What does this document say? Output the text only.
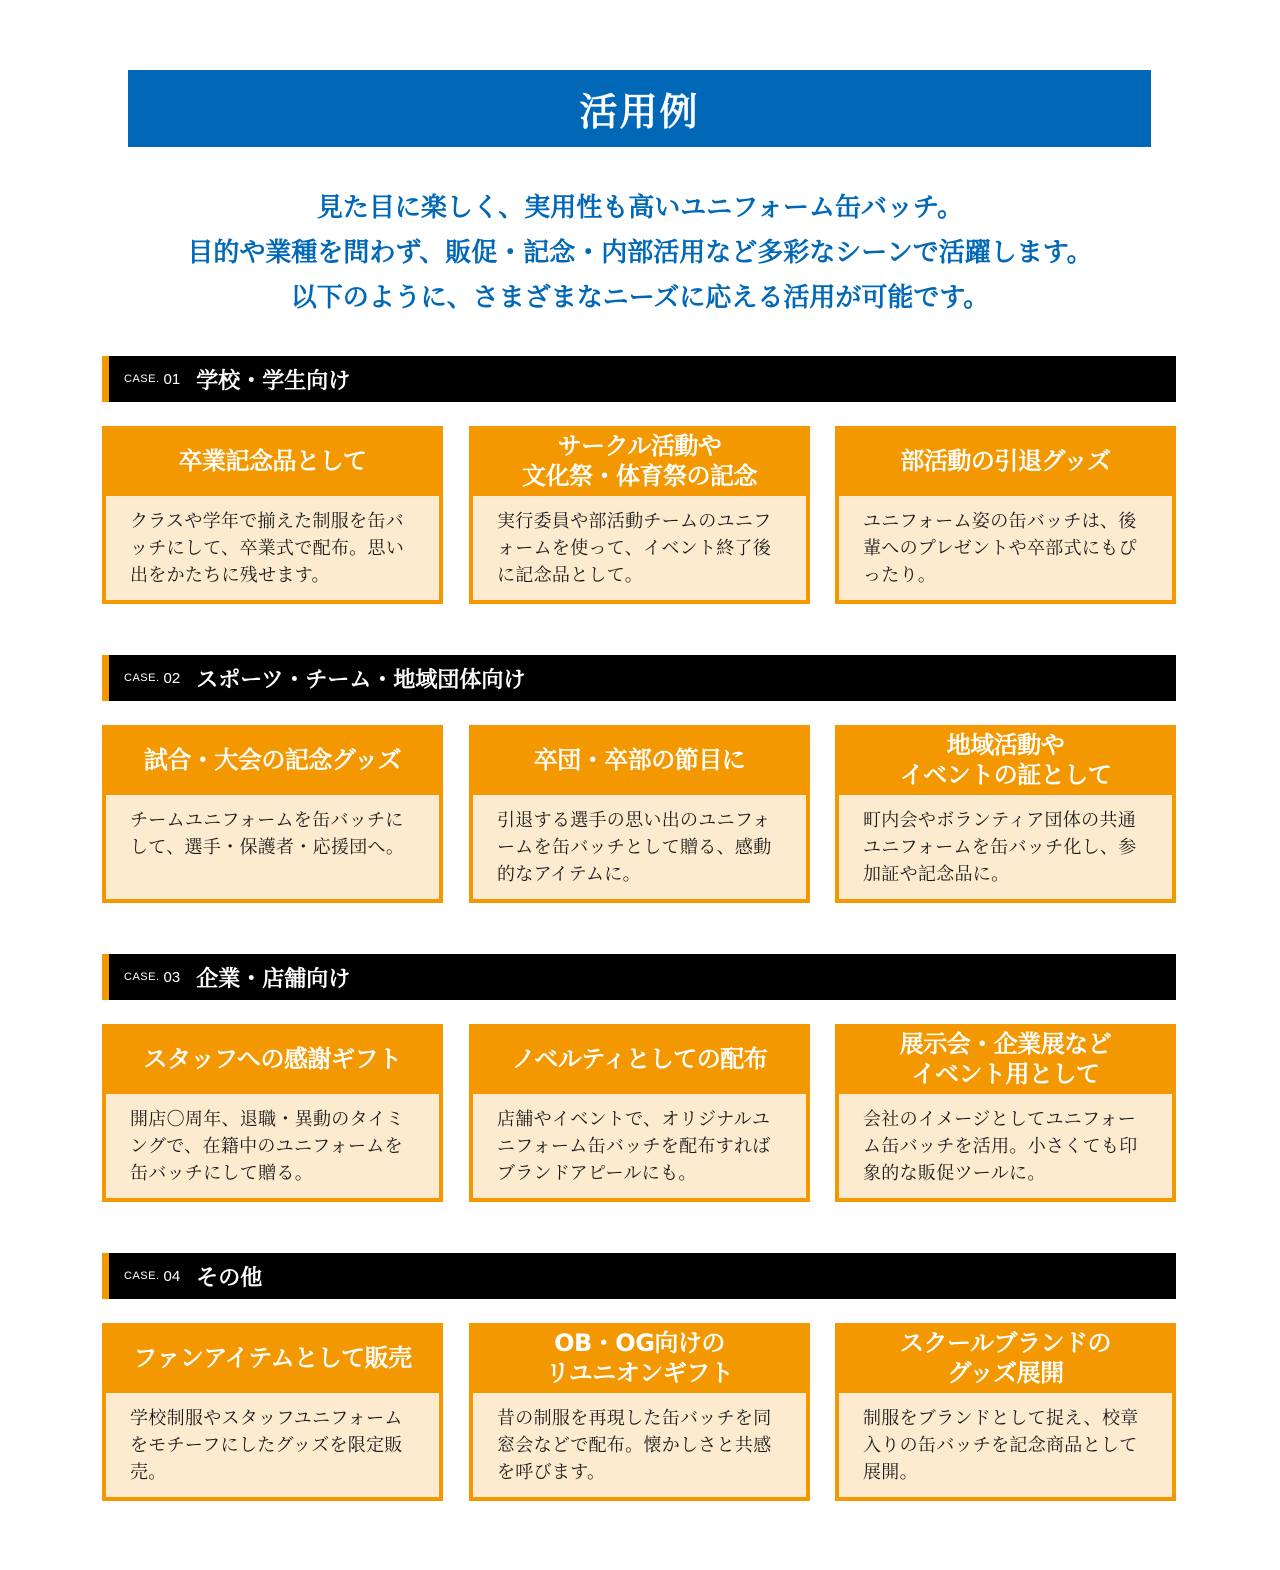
活用例
見た目に楽しく、実用性も高いユニフォーム缶バッチ。
目的や業種を問わず、販促・記念・内部活用など多彩なシーンで活躍します。
以下のように、さまざまなニーズに応える活用が可能です。
CASE. 01 学校・学生向け
卒業記念品として
クラスや学年で揃えた制服を缶バッチにして、卒業式で配布。思い出をかたちに残せます。
サークル活動や
文化祭・体育祭の記念
実行委員や部活動チームのユニフォームを使って、イベント終了後に記念品として。
部活動の引退グッズ
ユニフォーム姿の缶バッチは、後輩へのプレゼントや卒部式にもぴったり。
CASE. 02 スポーツ・チーム・地域団体向け
試合・大会の記念グッズ
チームユニフォームを缶バッチにして、選手・保護者・応援団へ。
卒団・卒部の節目に
引退する選手の思い出のユニフォームを缶バッチとして贈る、感動的なアイテムに。
地域活動や
イベントの証として
町内会やボランティア団体の共通ユニフォームを缶バッチ化し、参加証や記念品に。
CASE. 03 企業・店舗向け
スタッフへの感謝ギフト
開店〇周年、退職・異動のタイミングで、在籍中のユニフォームを缶バッチにして贈る。
ノベルティとしての配布
店舗やイベントで、オリジナルユニフォーム缶バッチを配布すればブランドアピールにも。
展示会・企業展など
イベント用として
会社のイメージとしてユニフォーム缶バッチを活用。小さくても印象的な販促ツールに。
CASE. 04 その他
ファンアイテムとして販売
学校制服やスタッフユニフォームをモチーフにしたグッズを限定販売。
OB・OG向けの
リユニオンギフト
昔の制服を再現した缶バッチを同窓会などで配布。懐かしさと共感を呼びます。
スクールブランドの
グッズ展開
制服をブランドとして捉え、校章入りの缶バッチを記念商品として展開。
